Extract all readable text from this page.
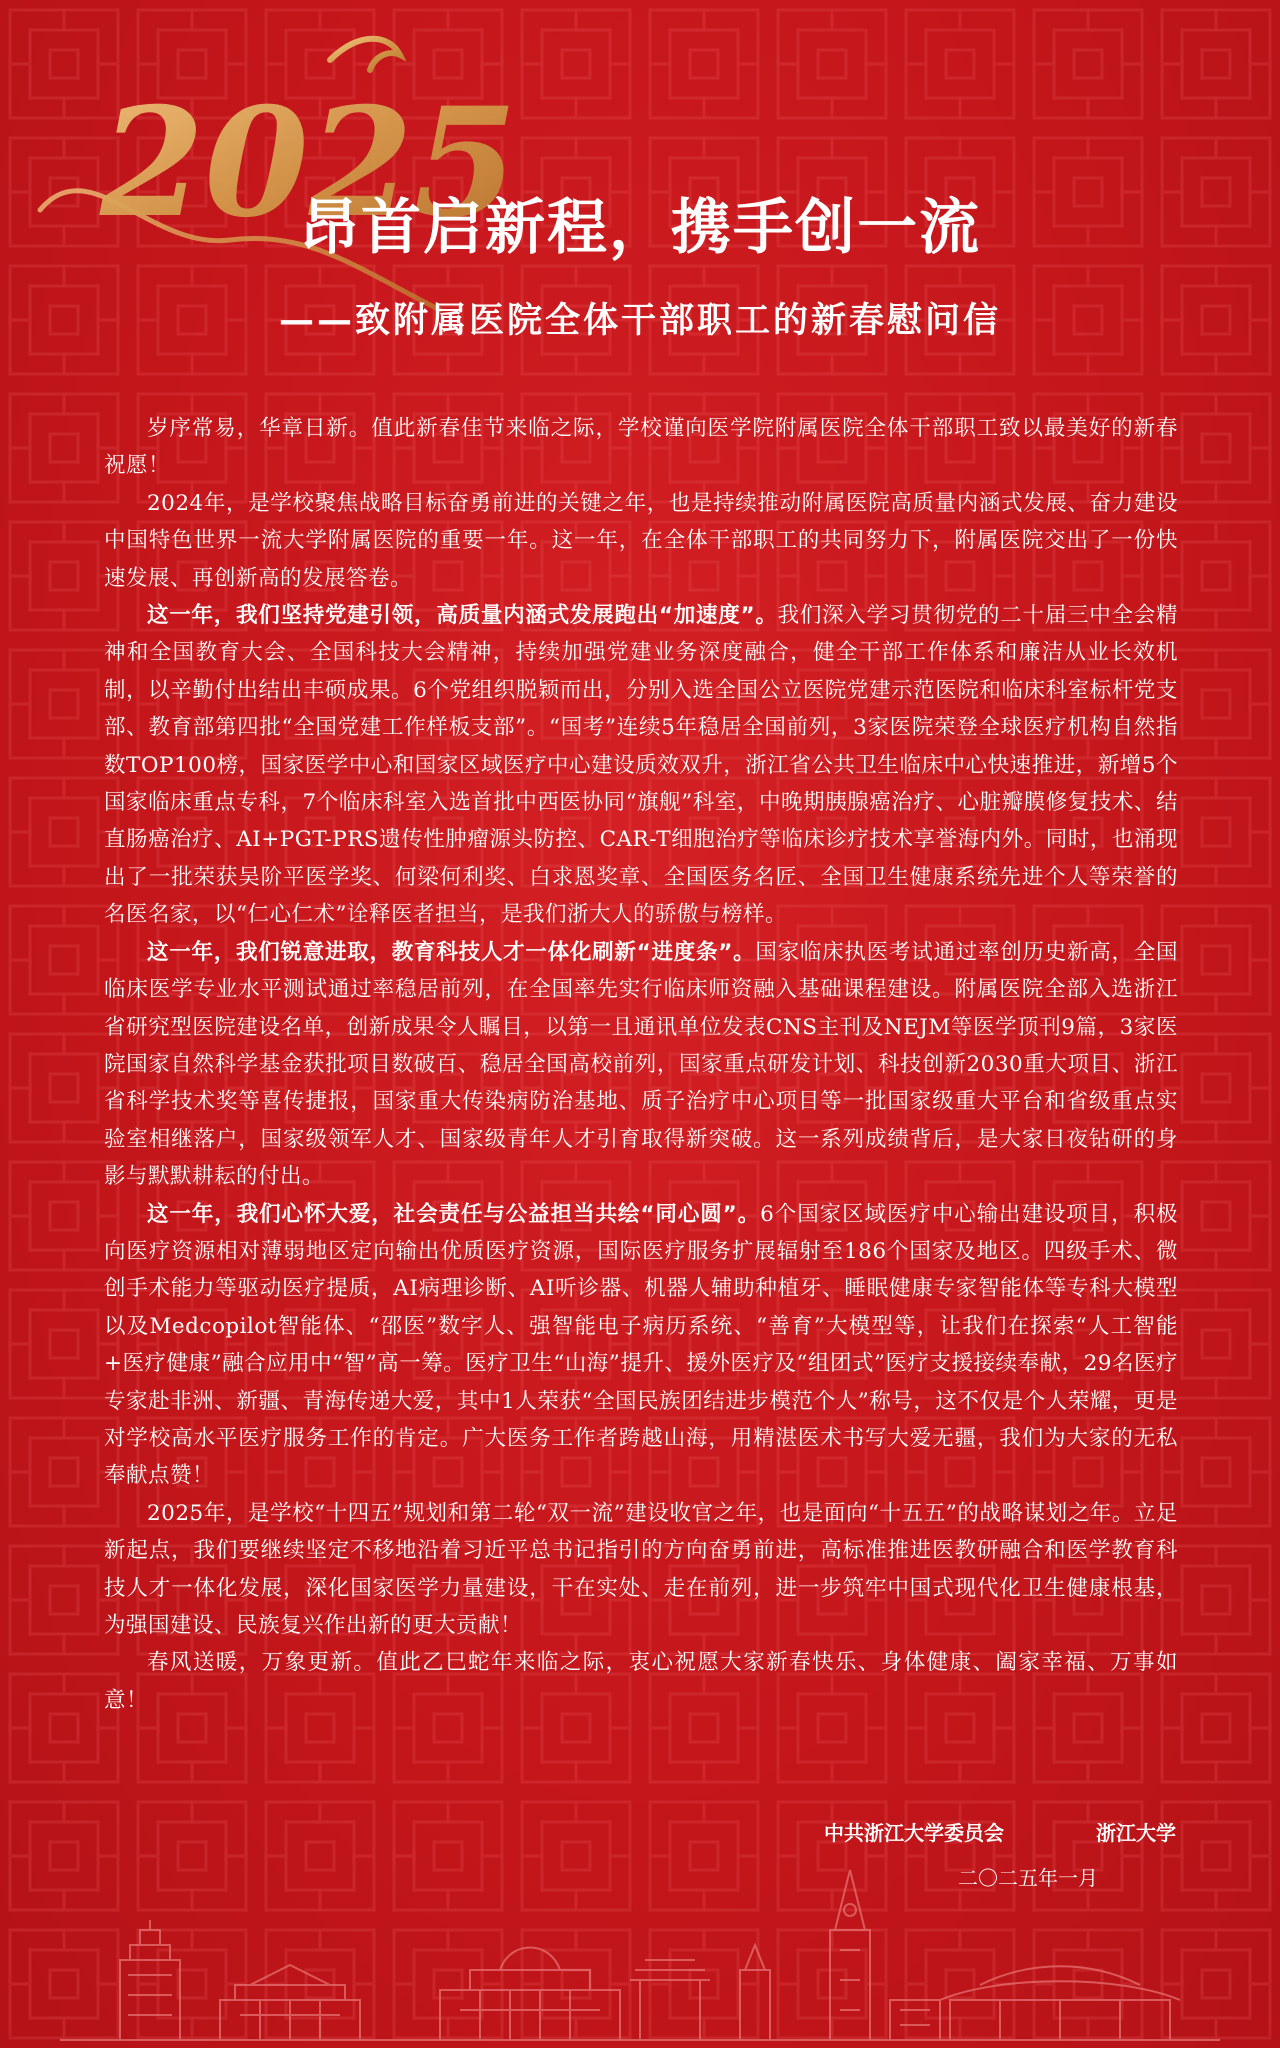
2025
昂首启新程，携手创一流
——致附属医院全体干部职工的新春慰问信

岁序常易，华章日新。值此新春佳节来临之际，学校谨向医学院附属医院全体干部职工致以最美好的新春祝愿！

2024年，是学校聚焦战略目标奋勇前进的关键之年，也是持续推动附属医院高质量内涵式发展、奋力建设中国特色世界一流大学附属医院的重要一年。这一年，在全体干部职工的共同努力下，附属医院交出了一份快速发展、再创新高的发展答卷。

这一年，我们坚持党建引领，高质量内涵式发展跑出“加速度”。我们深入学习贯彻党的二十届三中全会精神和全国教育大会、全国科技大会精神，持续加强党建业务深度融合，健全干部工作体系和廉洁从业长效机制，以辛勤付出结出丰硕成果。6个党组织脱颖而出，分别入选全国公立医院党建示范医院和临床科室标杆党支部、教育部第四批“全国党建工作样板支部”。“国考”连续5年稳居全国前列，3家医院荣登全球医疗机构自然指数TOP100榜，国家医学中心和国家区域医疗中心建设质效双升，浙江省公共卫生临床中心快速推进，新增5个国家临床重点专科，7个临床科室入选首批中西医协同“旗舰”科室，中晚期胰腺癌治疗、心脏瓣膜修复技术、结直肠癌治疗、AI+PGT-PRS遗传性肿瘤源头防控、CAR-T细胞治疗等临床诊疗技术享誉海内外。同时，也涌现出了一批荣获吴阶平医学奖、何梁何利奖、白求恩奖章、全国医务名匠、全国卫生健康系统先进个人等荣誉的名医名家，以“仁心仁术”诠释医者担当，是我们浙大人的骄傲与榜样。

这一年，我们锐意进取，教育科技人才一体化刷新“进度条”。国家临床执医考试通过率创历史新高，全国临床医学专业水平测试通过率稳居前列，在全国率先实行临床师资融入基础课程建设。附属医院全部入选浙江省研究型医院建设名单，创新成果令人瞩目，以第一且通讯单位发表CNS主刊及NEJM等医学顶刊9篇，3家医院国家自然科学基金获批项目数破百、稳居全国高校前列，国家重点研发计划、科技创新2030重大项目、浙江省科学技术奖等喜传捷报，国家重大传染病防治基地、质子治疗中心项目等一批国家级重大平台和省级重点实验室相继落户，国家级领军人才、国家级青年人才引育取得新突破。这一系列成绩背后，是大家日夜钻研的身影与默默耕耘的付出。

这一年，我们心怀大爱，社会责任与公益担当共绘“同心圆”。6个国家区域医疗中心输出建设项目，积极向医疗资源相对薄弱地区定向输出优质医疗资源，国际医疗服务扩展辐射至186个国家及地区。四级手术、微创手术能力等驱动医疗提质，AI病理诊断、AI听诊器、机器人辅助种植牙、睡眠健康专家智能体等专科大模型以及Medcopilot智能体、“邵医”数字人、强智能电子病历系统、“善育”大模型等，让我们在探索“人工智能+医疗健康”融合应用中“智”高一筹。医疗卫生“山海”提升、援外医疗及“组团式”医疗支援接续奉献，29名医疗专家赴非洲、新疆、青海传递大爱，其中1人荣获“全国民族团结进步模范个人”称号，这不仅是个人荣耀，更是对学校高水平医疗服务工作的肯定。广大医务工作者跨越山海，用精湛医术书写大爱无疆，我们为大家的无私奉献点赞！

2025年，是学校“十四五”规划和第二轮“双一流”建设收官之年，也是面向“十五五”的战略谋划之年。立足新起点，我们要继续坚定不移地沿着习近平总书记指引的方向奋勇前进，高标准推进医教研融合和医学教育科技人才一体化发展，深化国家医学力量建设，干在实处、走在前列，进一步筑牢中国式现代化卫生健康根基，为强国建设、民族复兴作出新的更大贡献！

春风送暖，万象更新。值此乙巳蛇年来临之际，衷心祝愿大家新春快乐、身体健康、阖家幸福、万事如意！

中共浙江大学委员会	浙江大学
二〇二五年一月
